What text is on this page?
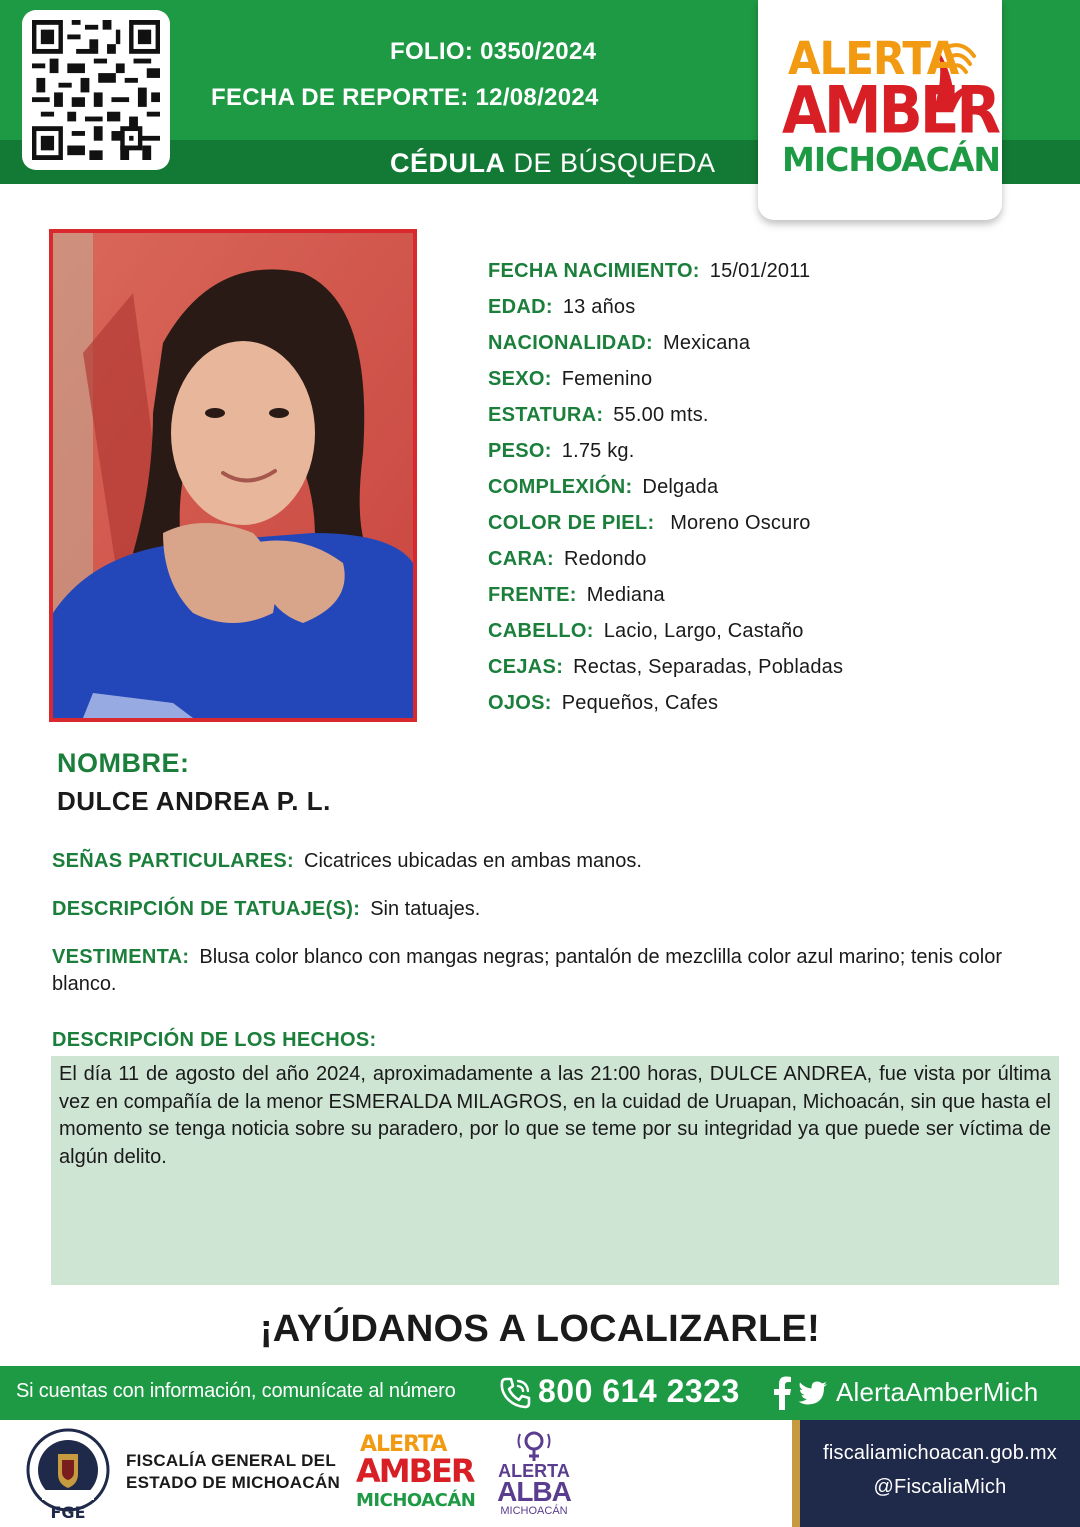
FOLIO: 0350/2024
FECHA DE REPORTE: 12/08/2024
CÉDULA DE BÚSQUEDA
ALERTA
AMBER
MICHOACÁN
FECHA NACIMIENTO: 15/01/2011
EDAD: 13 años
NACIONALIDAD: Mexicana
SEXO: Femenino
ESTATURA: 55.00 mts.
PESO: 1.75 kg.
COMPLEXIÓN: Delgada
COLOR DE PIEL: Moreno Oscuro
CARA: Redondo
FRENTE: Mediana
CABELLO: Lacio, Largo, Castaño
CEJAS: Rectas, Separadas, Pobladas
OJOS: Pequeños, Cafes
NOMBRE:
DULCE ANDREA P. L.
SEÑAS PARTICULARES: Cicatrices ubicadas en ambas manos.
DESCRIPCIÓN DE TATUAJE(S): Sin tatuajes.
VESTIMENTA: Blusa color blanco con mangas negras; pantalón de mezclilla color azul marino; tenis color blanco.
DESCRIPCIÓN DE LOS HECHOS:
El día 11 de agosto del año 2024, aproximadamente a las 21:00 horas, DULCE ANDREA, fue vista por última vez en compañía de la menor ESMERALDA MILAGROS, en la cuidad de Uruapan, Michoacán, sin que hasta el momento se tenga noticia sobre su paradero, por lo que se teme por su integridad ya que puede ser víctima de algún delito.
¡AYÚDANOS A LOCALIZARLE!
Si cuentas con información, comunícate al número	800 614 2323	AlertaAmberMich
FGE
FISCALÍA GENERAL DEL
ESTADO DE MICHOACÁN
ALERTA
AMBER
MICHOACÁN
ALERTA
ALBA
MICHOACÁN
fiscaliamichoacan.gob.mx
@FiscaliaMich
